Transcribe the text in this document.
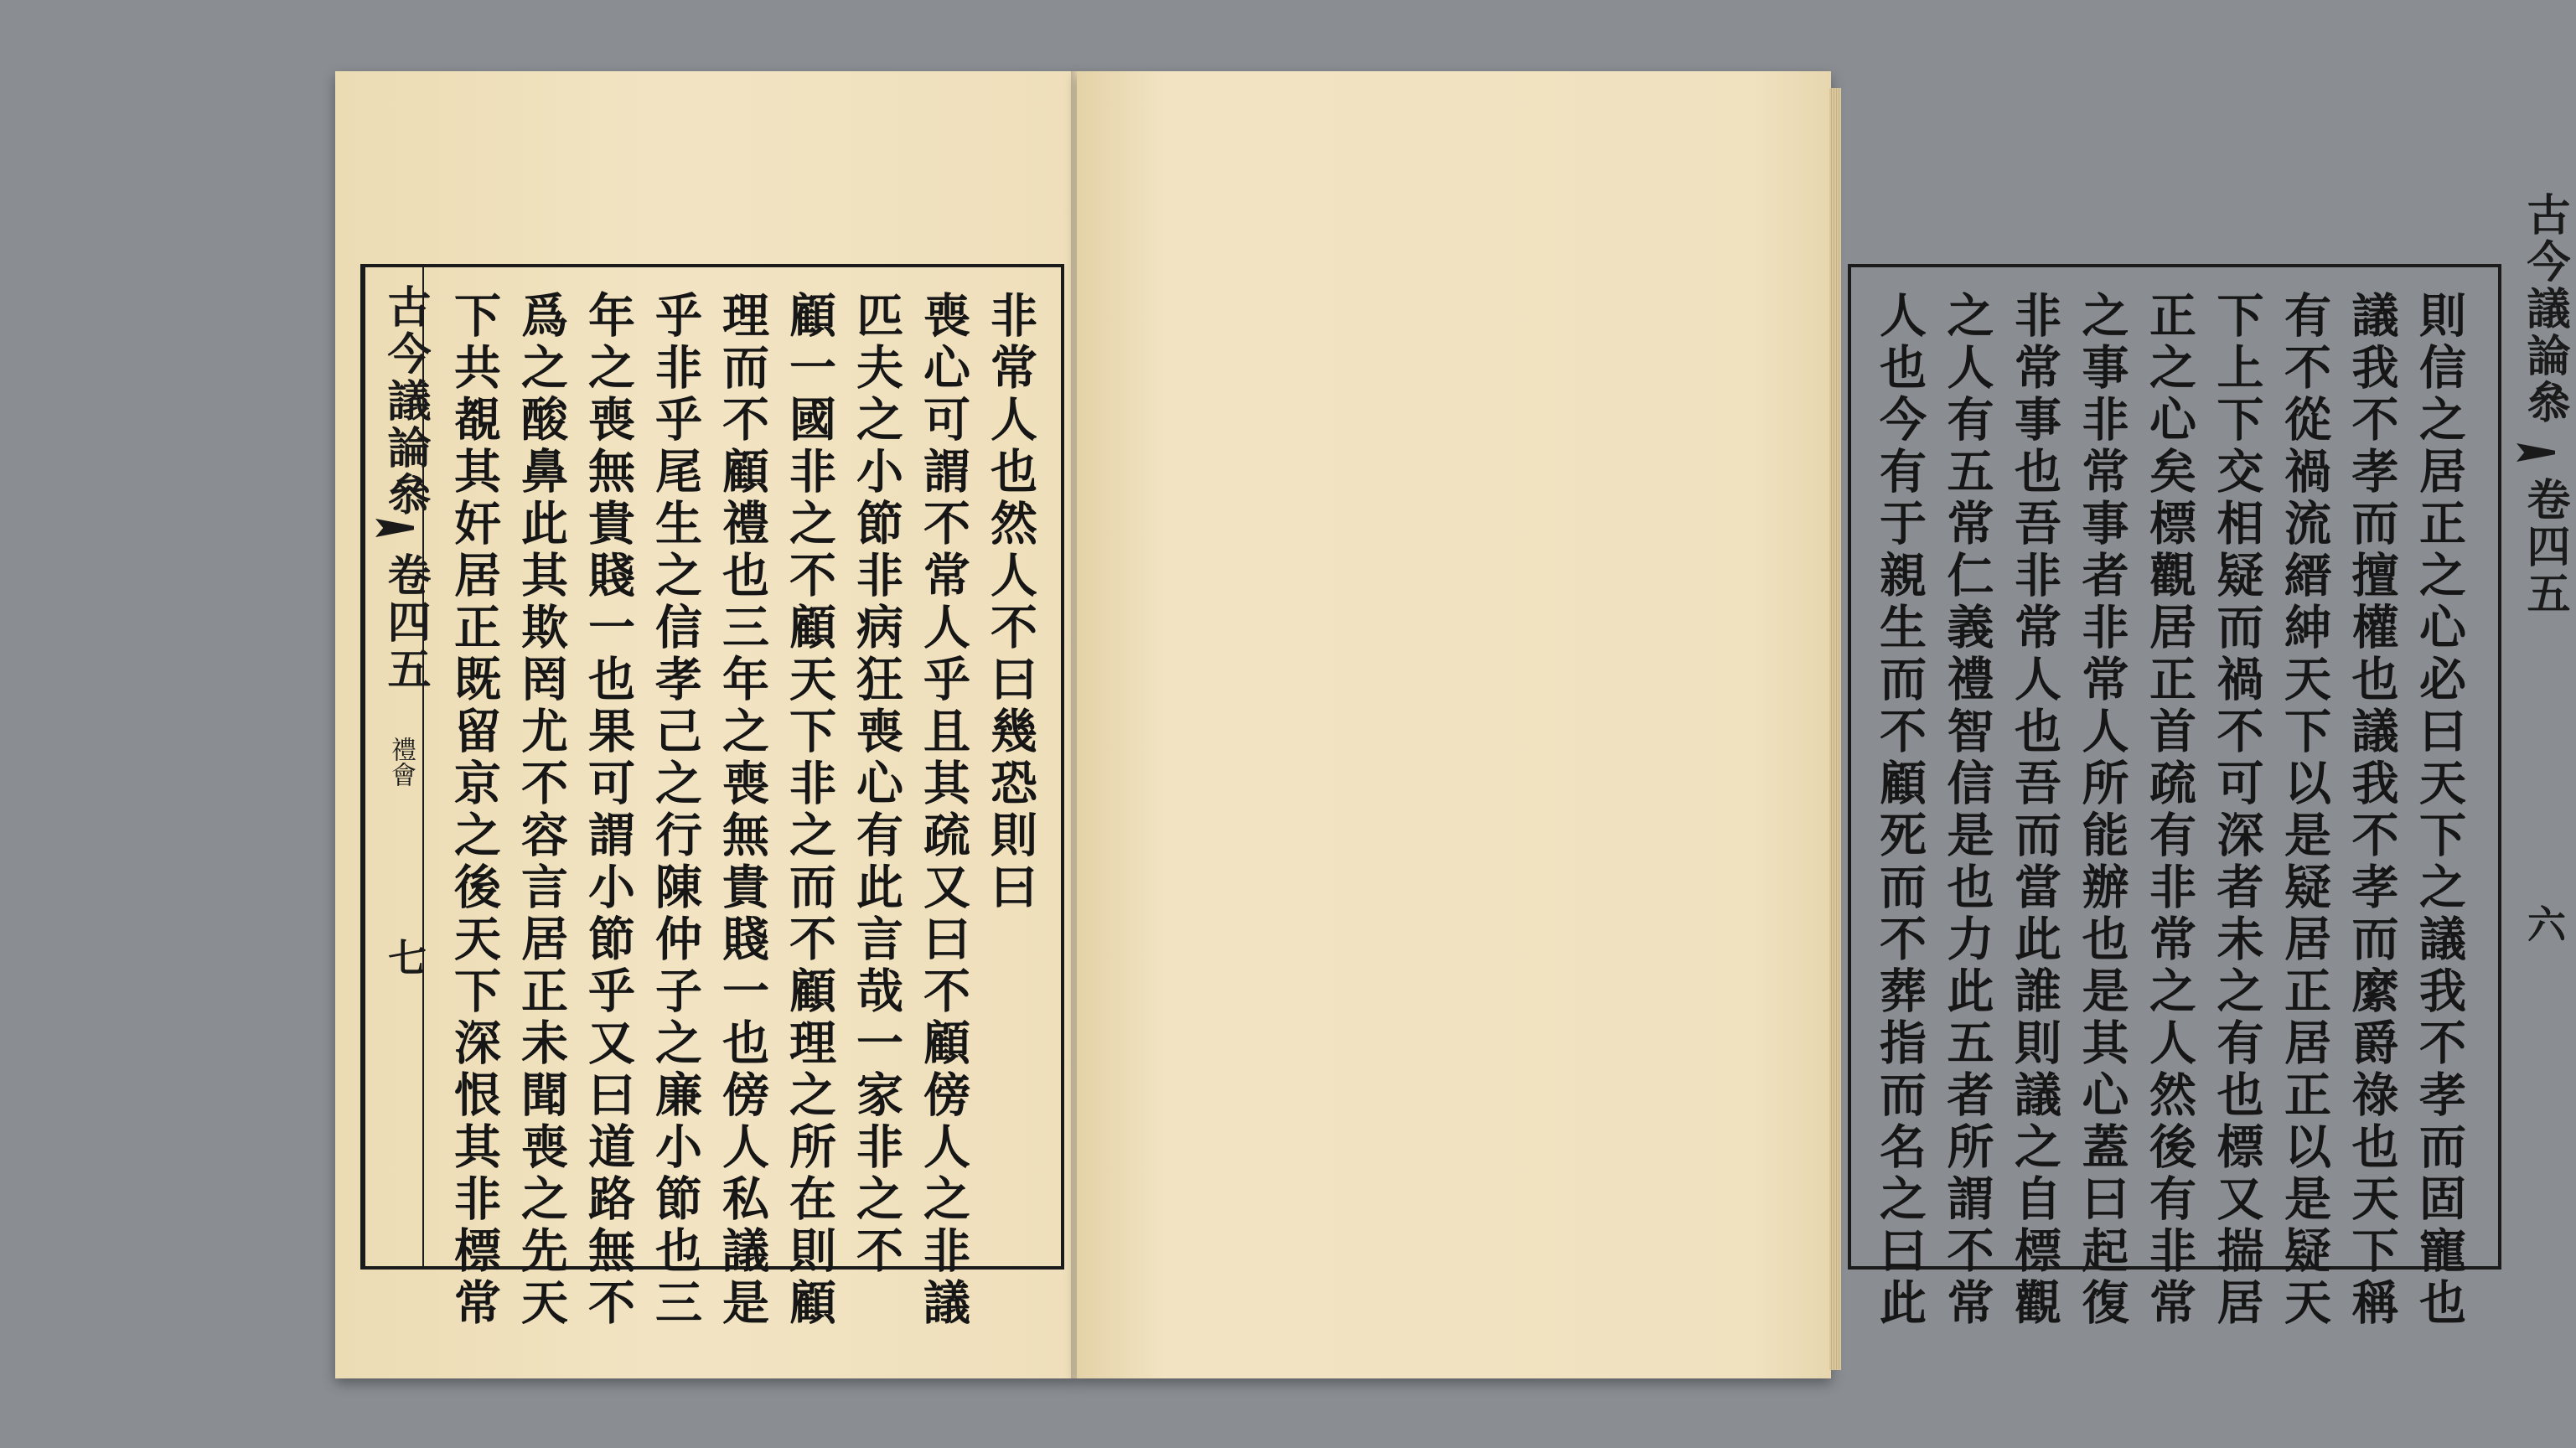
古今議論叅
卷四五
禮會
七
非常人也然人不曰幾恐則曰
喪心可謂不常人乎且其疏又曰不顧傍人之非議
匹夫之小節非病狂喪心有此言哉一家非之不
顧一國非之不顧天下非之而不顧理之所在則顧
理而不顧禮也三年之喪無貴賤一也傍人私議是
乎非乎尾生之信孝己之行陳仲子之廉小節也三
年之喪無貴賤一也果可謂小節乎又曰道路無不
爲之酸鼻此其欺罔尤不容言居正未聞喪之先天
下共覩其奸居正既留京之後天下深恨其非標常	則信之居正之心必曰天下之議我不孝而固寵也
議我不孝而擅權也議我不孝而縻爵祿也天下稱
有不從禍流縉紳天下以是疑居正居正以是疑天
下上下交相疑而禍不可深者未之有也標又揣居
正之心矣標觀居正首疏有非常之人然後有非常
之事非常事者非常人所能辦也是其心蓋曰起復
非常事也吾非常人也吾而當此誰則議之自標觀
之人有五常仁義禮智信是也力此五者所謂不常
人也今有于親生而不顧死而不葬指而名之曰此	古今議論叅
卷四五
六
